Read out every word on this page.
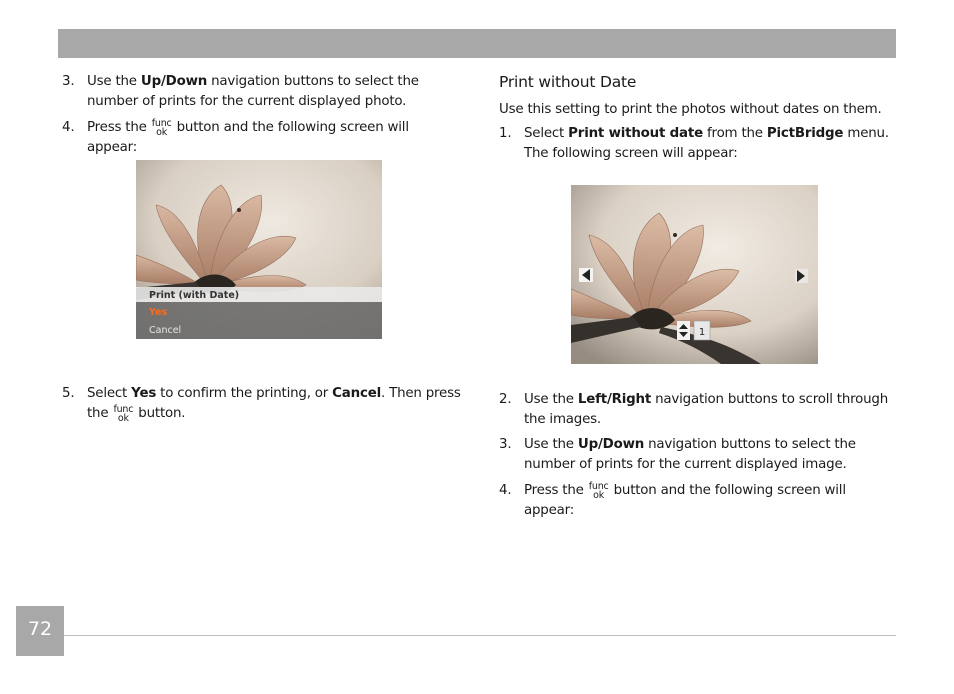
3. Use the Up/Down navigation buttons to select the number of prints for the current displayed photo.
4. Press the func
ok button and the following screen will appear:
5. Select Yes to confirm the printing, or Cancel. Then press the func
ok button.
Print (with Date)
Yes
Cancel
Print without Date
Use this setting to print the photos without dates on them.
1. Select Print without date from the PictBridge menu. The following screen will appear:
2. Use the Left/Right navigation buttons to scroll through the images.
3. Use the Up/Down navigation buttons to select the number of prints for the current displayed image.
4. Press the func
ok button and the following screen will appear:
1
72
